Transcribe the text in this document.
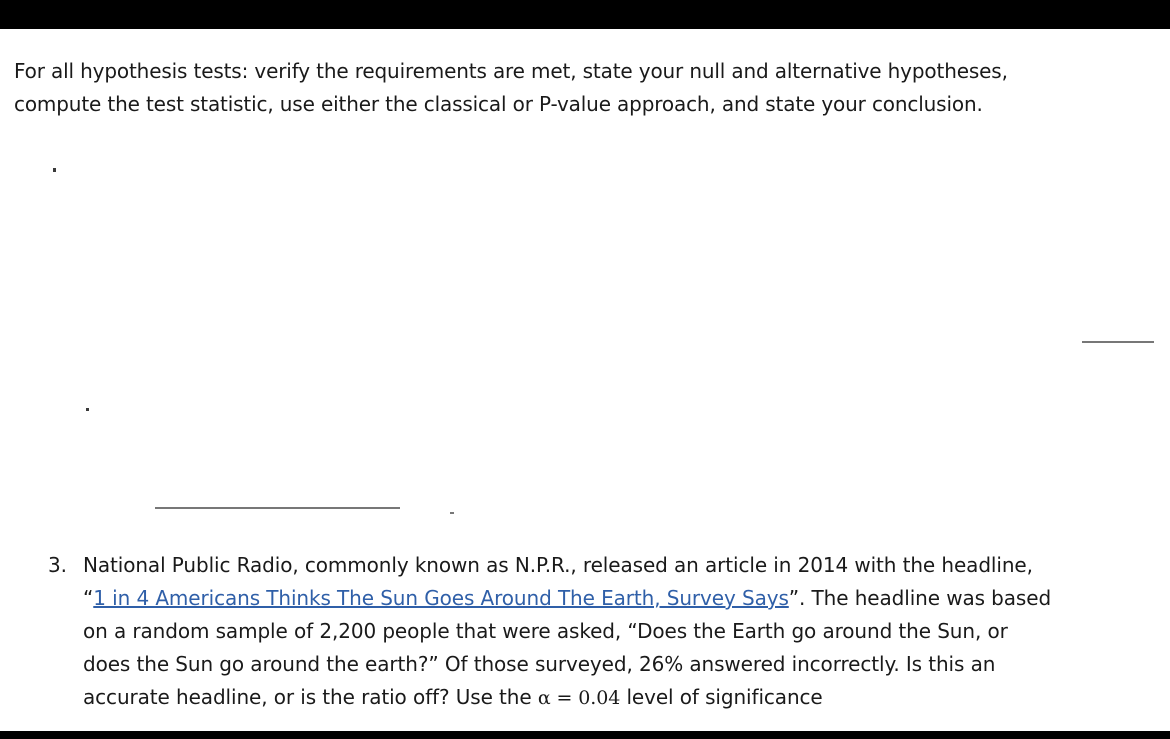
For all hypothesis tests: verify the requirements are met, state your null and alternative hypotheses,
compute the test statistic, use either the classical or P-value approach, and state your conclusion.
3. National Public Radio, commonly known as N.P.R., released an article in 2014 with the headline,
“1 in 4 Americans Thinks The Sun Goes Around The Earth, Survey Says”. The headline was based
on a random sample of 2,200 people that were asked, “Does the Earth go around the Sun, or
does the Sun go around the earth?” Of those surveyed, 26% answered incorrectly. Is this an
accurate headline, or is the ratio off? Use the α = 0.04 level of significance
